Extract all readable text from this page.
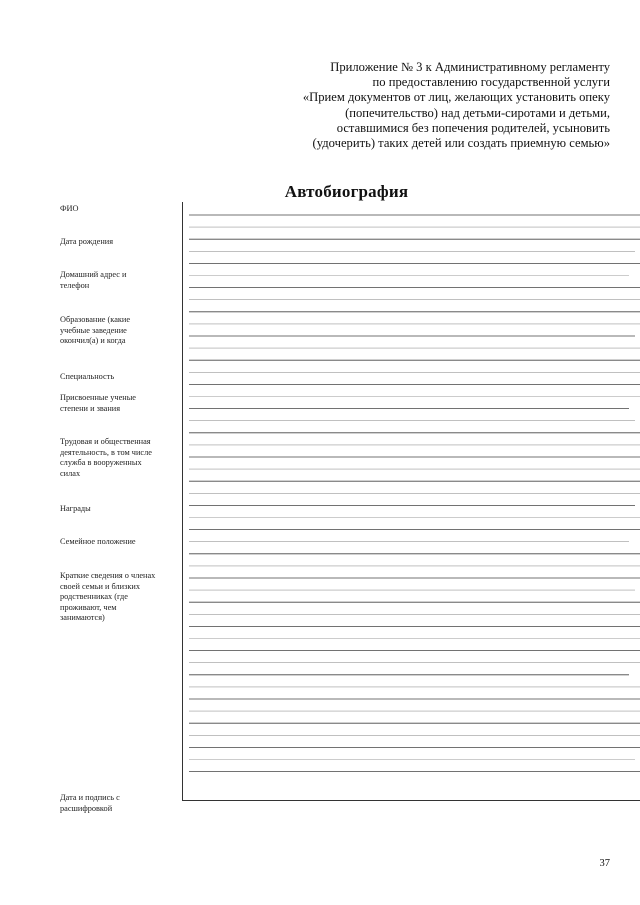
Приложение № 3 к Административному регламенту
по предоставлению государственной услуги
«Прием документов от лиц, желающих установить опеку
(попечительство) над детьми-сиротами и детьми,
оставшимися без попечения родителей, усыновить
(удочерить) таких детей или создать приемную семью»
Автобиография
ФИО
Дата рождения
Домашний адрес и
телефон
Образование (какие
учебные заведение
окончил(а) и когда
Специальность
Присвоенные ученые
степени и звания
Трудовая и общественная
деятельность, в том числе
служба в вооруженных
силах
Награды
Семейное положение
Краткие сведения о членах
своей семьи и близких
родственниках (где
проживают, чем
занимаются)
Дата и подпись с
расшифровкой
37
